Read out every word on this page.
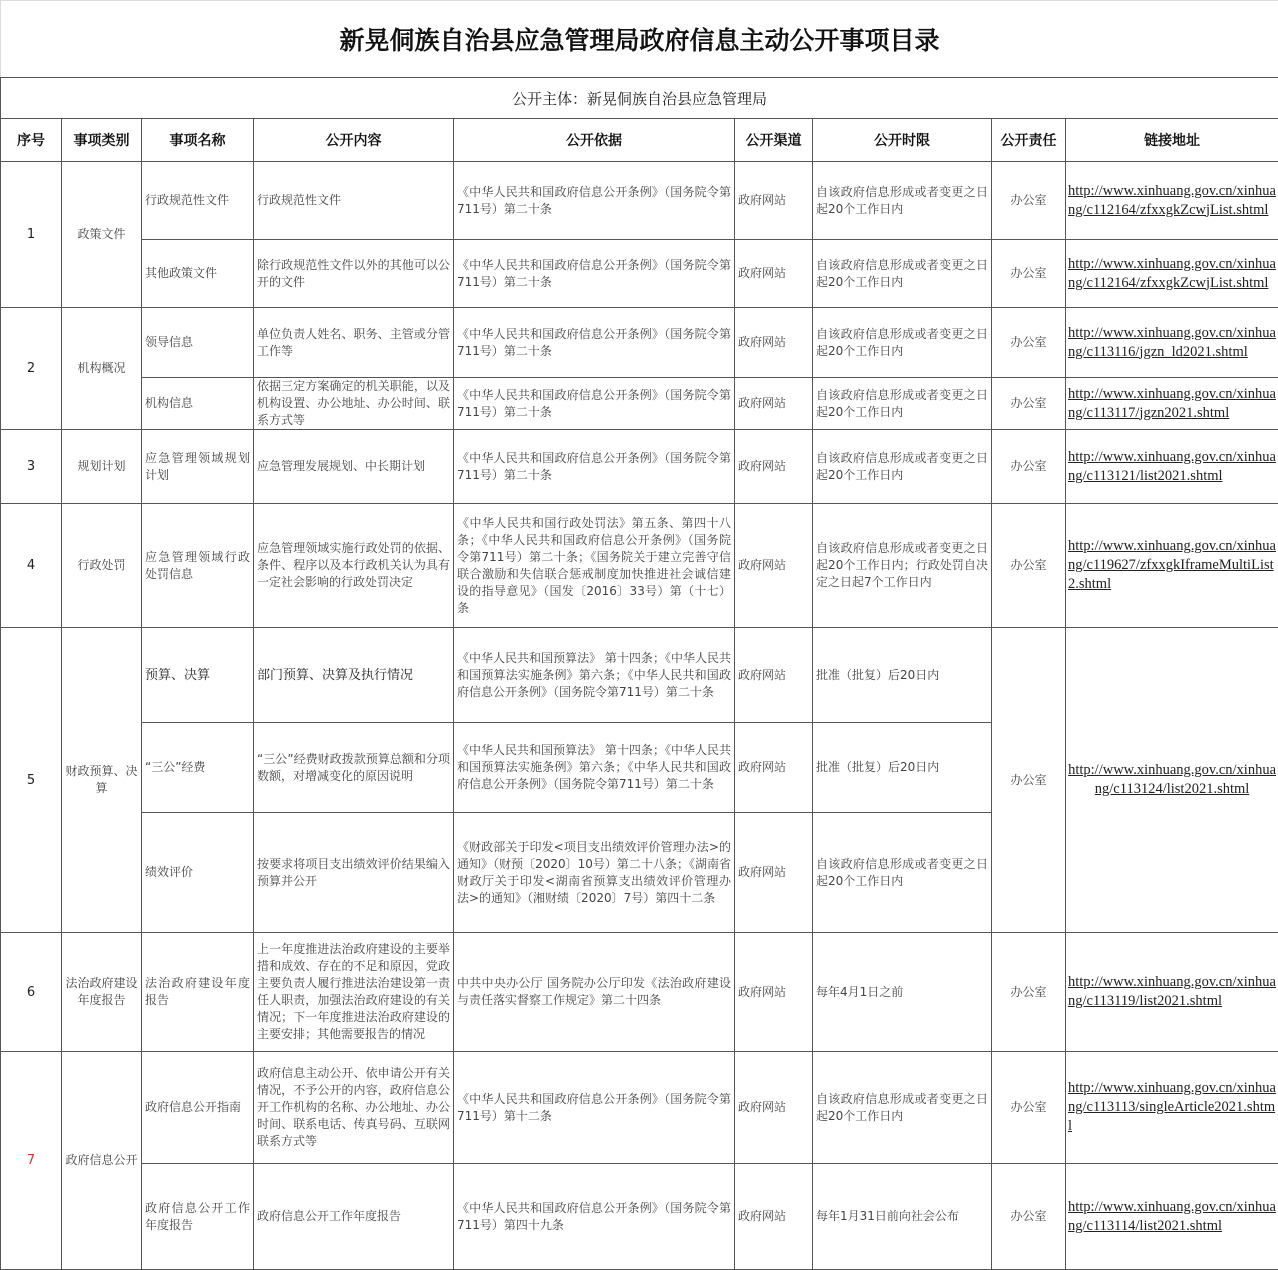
新晃侗族自治县应急管理局政府信息主动公开事项目录								
公开主体：新晃侗族自治县应急管理局								
序号	事项类别	事项名称	公开内容	公开依据	公开渠道	公开时限	公开责任	链接地址
1	政策文件	行政规范性文件	行政规范性文件	《中华人民共和国政府信息公开条例》（国务院令第711号）第二十条	政府网站	自该政府信息形成或者变更之日起20个工作日内	办公室	http://www.xinhuang.gov.cn/xinhuang/c112164/zfxxgkZcwjList.shtml
		其他政策文件	除行政规范性文件以外的其他可以公开的文件	《中华人民共和国政府信息公开条例》（国务院令第711号）第二十条	政府网站	自该政府信息形成或者变更之日起20个工作日内	办公室	http://www.xinhuang.gov.cn/xinhuang/c112164/zfxxgkZcwjList.shtml
2	机构概况	领导信息	单位负责人姓名、职务、主管或分管工作等	《中华人民共和国政府信息公开条例》（国务院令第711号）第二十条	政府网站	自该政府信息形成或者变更之日起20个工作日内	办公室	http://www.xinhuang.gov.cn/xinhuang/c113116/jgzn_ld2021.shtml
		机构信息	依据三定方案确定的机关职能，以及机构设置、办公地址、办公时间、联系方式等	《中华人民共和国政府信息公开条例》（国务院令第711号）第二十条	政府网站	自该政府信息形成或者变更之日起20个工作日内	办公室	http://www.xinhuang.gov.cn/xinhuang/c113117/jgzn2021.shtml
3	规划计划	应急管理领域规划计划	应急管理发展规划、中长期计划	《中华人民共和国政府信息公开条例》（国务院令第711号）第二十条	政府网站	自该政府信息形成或者变更之日起20个工作日内	办公室	http://www.xinhuang.gov.cn/xinhuang/c113121/list2021.shtml
4	行政处罚	应急管理领域行政处罚信息	应急管理领域实施行政处罚的依据、条件、程序以及本行政机关认为具有一定社会影响的行政处罚决定	《中华人民共和国行政处罚法》第五条、第四十八条；《中华人民共和国政府信息公开条例》（国务院令第711号）第二十条；《国务院关于建立完善守信联合激励和失信联合惩戒制度加快推进社会诚信建设的指导意见》（国发〔2016〕33号）第（十七）条	政府网站	自该政府信息形成或者变更之日起20个工作日内；行政处罚自决定之日起7个工作日内	办公室	http://www.xinhuang.gov.cn/xinhuang/c119627/zfxxgkIframeMultiList2.shtml
5	财政预算、决算	预算、决算	部门预算、决算及执行情况	《中华人民共和国预算法》 第十四条；《中华人民共和国预算法实施条例》第六条；《中华人民共和国政府信息公开条例》（国务院令第711号）第二十条	政府网站	批准（批复）后20日内	办公室	http://www.xinhuang.gov.cn/xinhuang/c113124/list2021.shtml
		“三公”经费	“三公”经费财政拨款预算总额和分项数额，对增减变化的原因说明	《中华人民共和国预算法》 第十四条；《中华人民共和国预算法实施条例》第六条；《中华人民共和国政府信息公开条例》（国务院令第711号）第二十条	政府网站	批准（批复）后20日内		
		绩效评价	按要求将项目支出绩效评价结果编入预算并公开	《财政部关于印发<项目支出绩效评价管理办法>的通知》（财预〔2020〕10号）第二十八条；《湖南省财政厅关于印发<湖南省预算支出绩效评价管理办法>的通知》（湘财绩〔2020〕7号）第四十二条	政府网站	自该政府信息形成或者变更之日起20个工作日内		
6	法治政府建设年度报告	法治政府建设年度报告	上一年度推进法治政府建设的主要举措和成效、存在的不足和原因，党政主要负责人履行推进法治建设第一责任人职责，加强法治政府建设的有关情况；下一年度推进法治政府建设的主要安排；其他需要报告的情况	中共中央办公厅 国务院办公厅印发《法治政府建设与责任落实督察工作规定》第二十四条	政府网站	每年4月1日之前	办公室	http://www.xinhuang.gov.cn/xinhuang/c113119/list2021.shtml
7	政府信息公开	政府信息公开指南	政府信息主动公开、依申请公开有关情况，不予公开的内容，政府信息公开工作机构的名称、办公地址、办公时间、联系电话、传真号码、互联网联系方式等	《中华人民共和国政府信息公开条例》（国务院令第711号）第十二条	政府网站	自该政府信息形成或者变更之日起20个工作日内	办公室	http://www.xinhuang.gov.cn/xinhuang/c113113/singleArticle2021.shtml
		政府信息公开工作年度报告	政府信息公开工作年度报告	《中华人民共和国政府信息公开条例》（国务院令第711号）第四十九条	政府网站	每年1月31日前向社会公布	办公室	http://www.xinhuang.gov.cn/xinhuang/c113114/list2021.shtml
